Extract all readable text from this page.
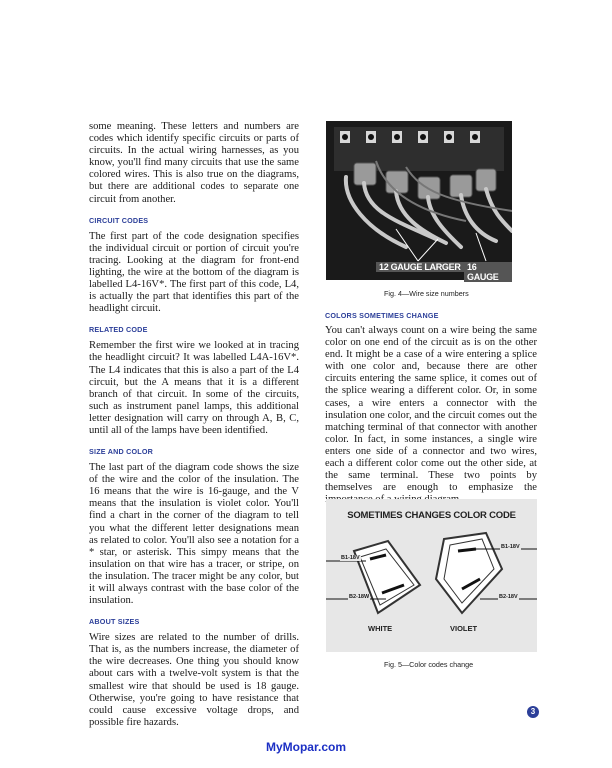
some meaning. These letters and numbers are codes which identify specific circuits or parts of circuits. In the actual wiring harnesses, as you know, you'll find many circuits that use the same colored wires. This is also true on the diagrams, but there are additional codes to separate one circuit from another.

CIRCUIT CODES

The first part of the code designation specifies the individual circuit or portion of circuit you're tracing. Looking at the diagram for front-end lighting, the wire at the bottom of the diagram is labelled L4-16V*. The first part of this code, L4, is actually the part that identifies this part of the headlight circuit.

RELATED CODE

Remember the first wire we looked at in tracing the headlight circuit? It was labelled L4A-16V*. The L4 indicates that this is also a part of the L4 circuit, but the A means that it is a different branch of that circuit. In some of the circuits, such as instrument panel lamps, this additional letter designation will carry on through A, B, C, until all of the lamps have been identified.

SIZE AND COLOR

The last part of the diagram code shows the size of the wire and the color of the insulation. The 16 means that the wire is 16-gauge, and the V means that the insulation is violet color. You'll find a chart in the corner of the diagram to tell you what the different letter designations mean as related to color. You'll also see a notation for a * star, or asterisk. This simpy means that the insulation on that wire has a tracer, or stripe, on the insulation. The tracer might be any color, but it will always contrast with the base color of the insulation.

ABOUT SIZES

Wire sizes are related to the number of drills. That is, as the numbers increase, the diameter of the wire decreases. One thing you should know about cars with a twelve-volt system is that the smallest wire that should be used is 18 gauge. Otherwise, you're going to have resistance that could cause excessive voltage drops, and possible fire hazards.

12 GAUGE LARGER 16 GAUGE
Fig. 4—Wire size numbers
COLORS SOMETIMES CHANGE

You can't always count on a wire being the same color on one end of the circuit as is on the other end. It might be a case of a wire entering a splice with one color and, because there are other circuits entering the same splice, it comes out of the splice wearing a different color. Or, in some cases, a wire enters a connector with the insulation one color, and the circuit comes out the matching terminal of that connector with another color. In fact, in some instances, a single wire enters one side of a connector and two wires, each a different color come out the other side, at the same terminal. These two points by themselves are enough to emphasize the

SOMETIMES CHANGES COLOR CODE
B1-18V
B2-18W
B1-18V
B2-18V
WHITE	VIOLET
Fig. 5—Color codes change
3
MyMopar.com
